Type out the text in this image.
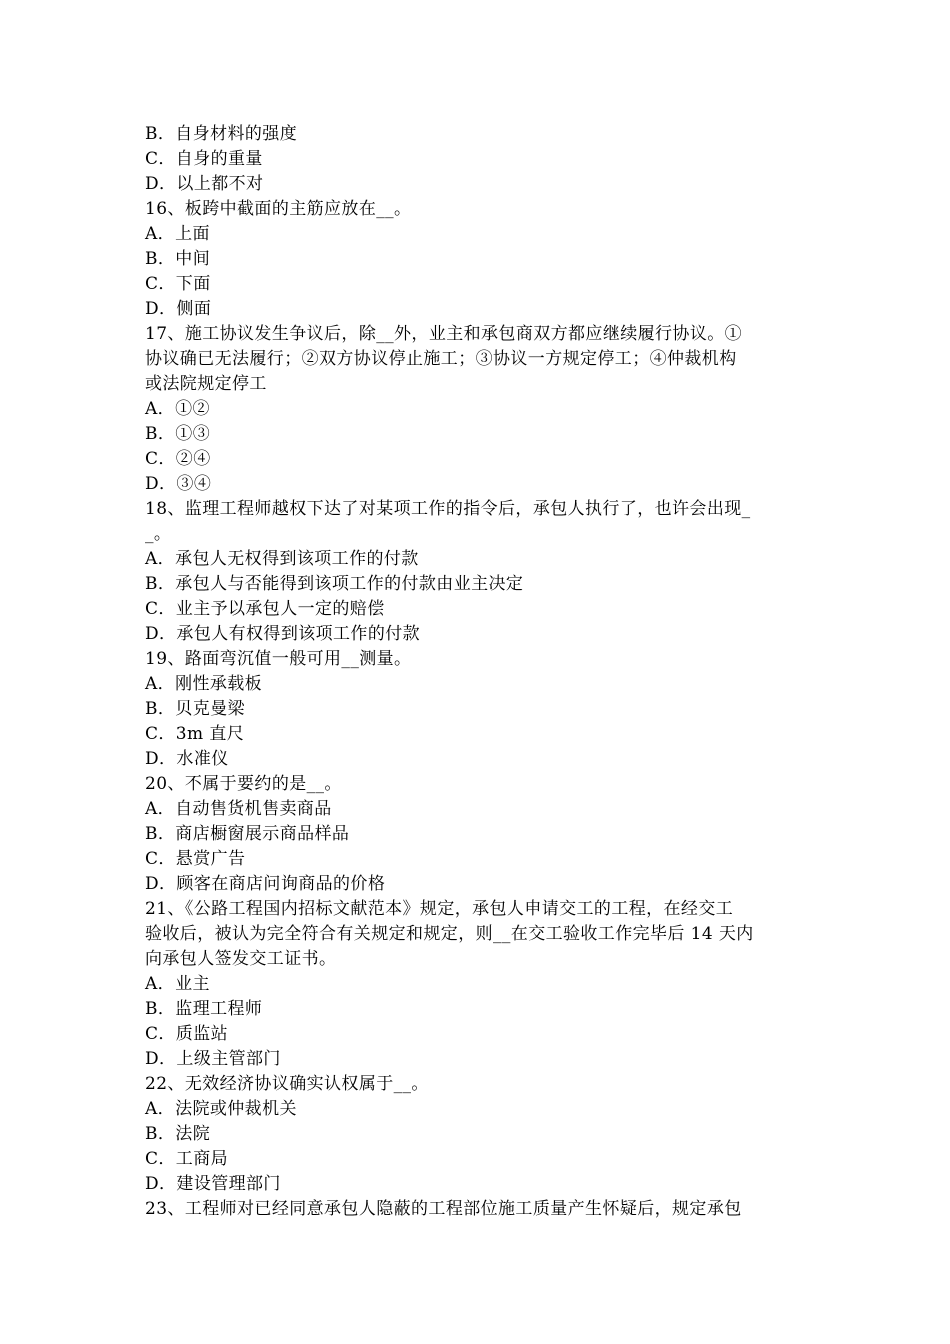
B．自身材料的强度
C．自身的重量
D．以上都不对
16、板跨中截面的主筋应放在__。
A．上面
B．中间
C．下面
D．侧面
17、施工协议发生争议后，除__外，业主和承包商双方都应继续履行协议。①
协议确已无法履行；②双方协议停止施工；③协议一方规定停工；④仲裁机构
或法院规定停工
A．①②
B．①③
C．②④
D．③④
18、监理工程师越权下达了对某项工作的指令后，承包人执行了，也许会出现_
_。
A．承包人无权得到该项工作的付款
B．承包人与否能得到该项工作的付款由业主决定
C．业主予以承包人一定的赔偿
D．承包人有权得到该项工作的付款
19、路面弯沉值一般可用__测量。
A．刚性承载板
B．贝克曼梁
C．3m 直尺
D．水准仪
20、不属于要约的是__。
A．自动售货机售卖商品
B．商店橱窗展示商品样品
C．悬赏广告
D．顾客在商店问询商品的价格
21、《公路工程国内招标文献范本》规定，承包人申请交工的工程，在经交工
验收后，被认为完全符合有关规定和规定，则__在交工验收工作完毕后 14 天内
向承包人签发交工证书。
A．业主
B．监理工程师
C．质监站
D．上级主管部门
22、无效经济协议确实认权属于__。
A．法院或仲裁机关
B．法院
C．工商局
D．建设管理部门
23、工程师对已经同意承包人隐蔽的工程部位施工质量产生怀疑后，规定承包
